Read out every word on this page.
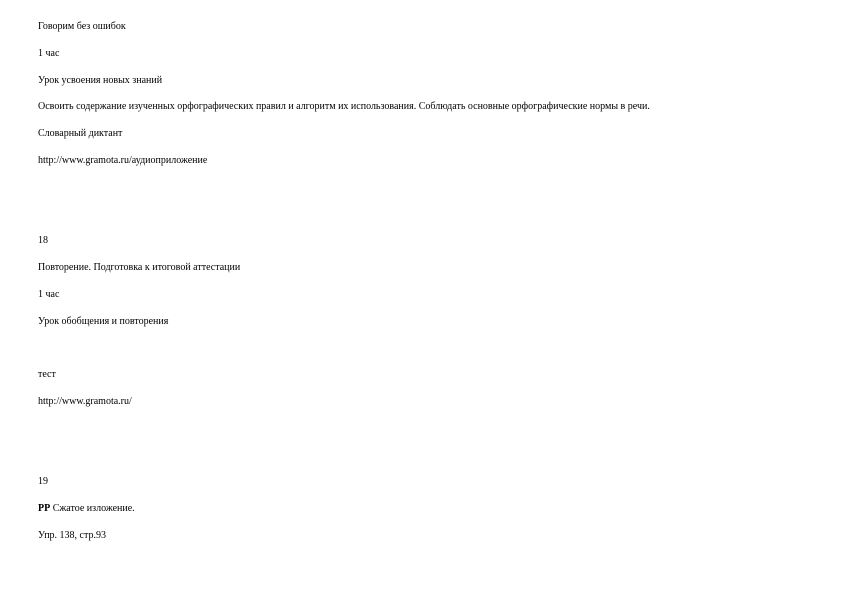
Говорим без ошибок
1 час
Урок усвоения новых знаний
Освоить содержание изученных орфографических правил и алгоритм их использования. Соблюдать основные орфографические нормы в речи.
Словарный диктант
http://www.gramota.ru/аудиоприложение
18
Повторение. Подготовка к итоговой аттестации
1 час
Урок обобщения и повторения
тест
http://www.gramota.ru/
19
РР Сжатое изложение.
Упр. 138, стр.93
